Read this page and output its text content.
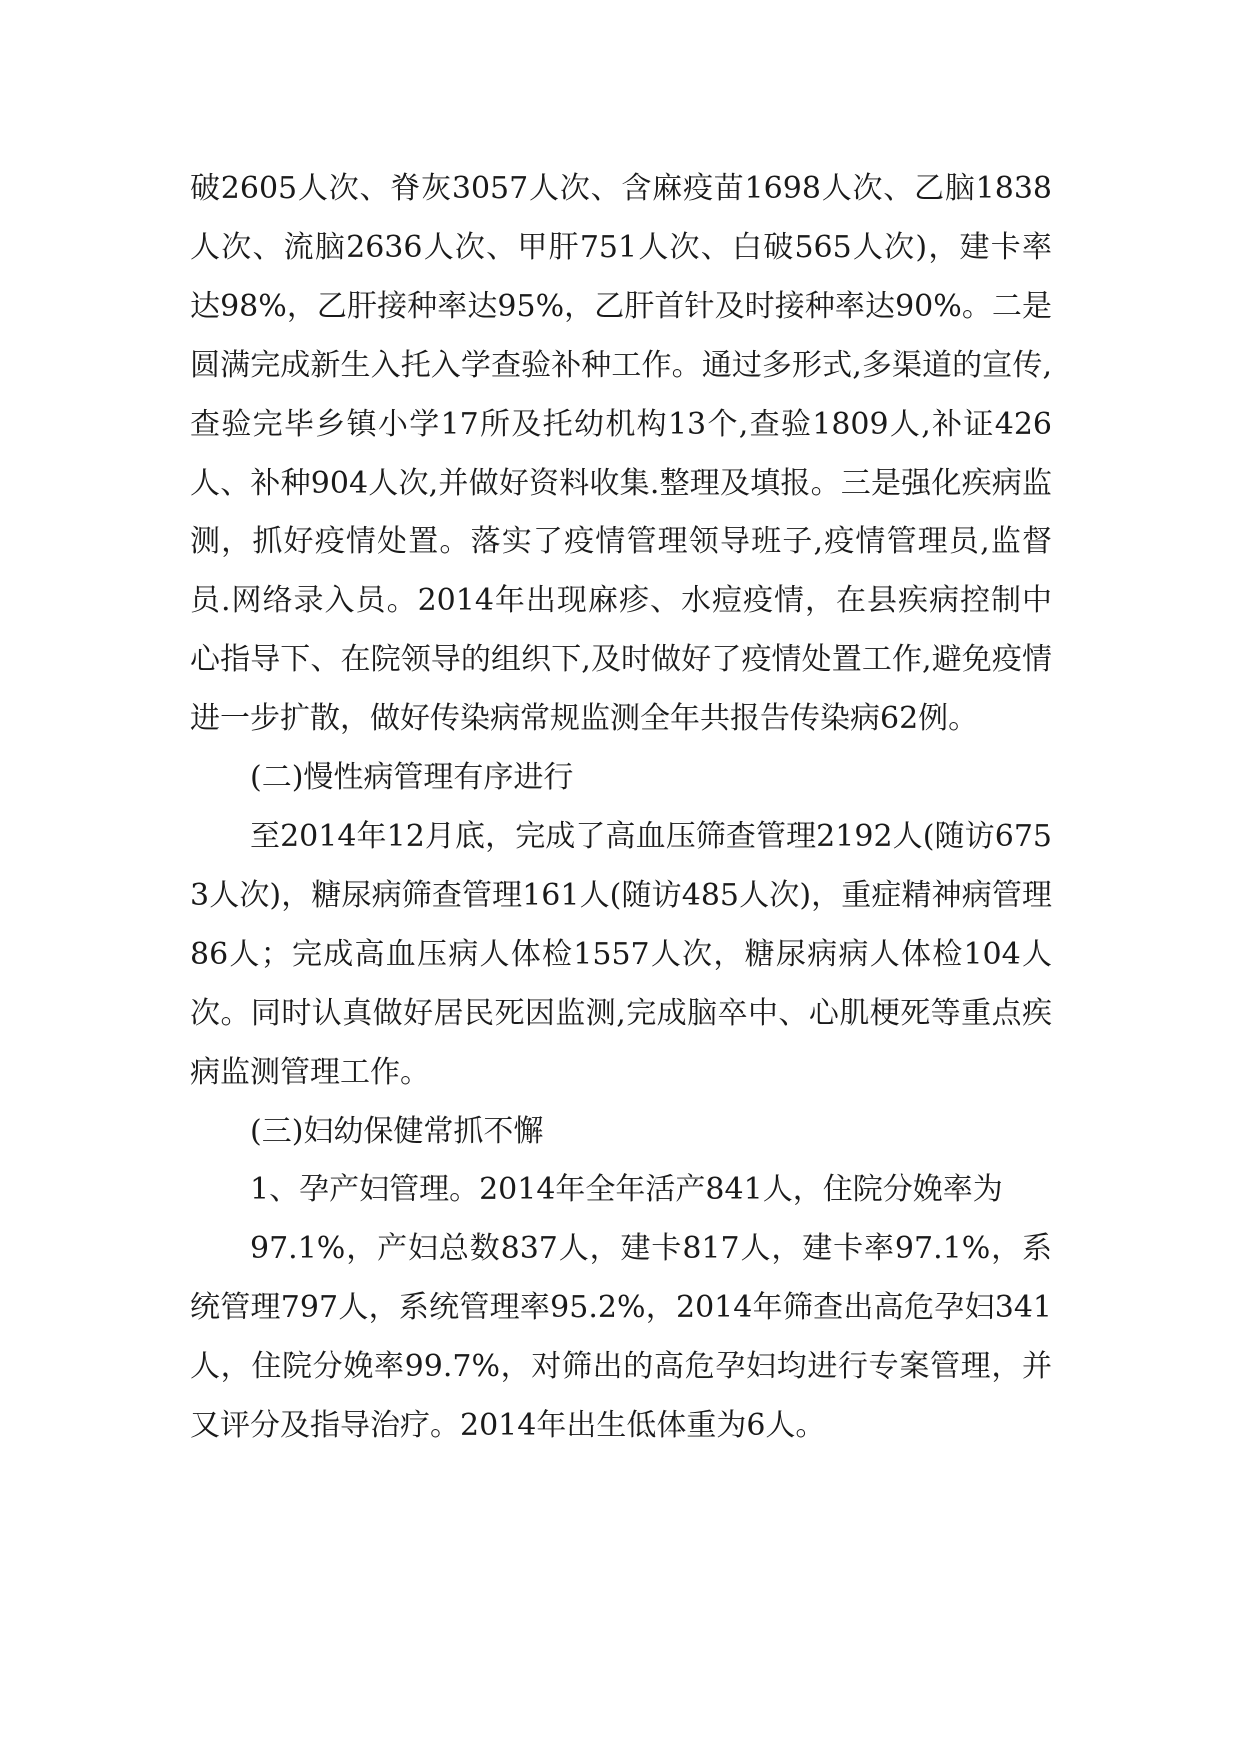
破2605人次、脊灰3057人次、含麻疫苗1698人次、乙脑1838人次、流脑2636人次、甲肝751人次、白破565人次)，建卡率达98%，乙肝接种率达95%，乙肝首针及时接种率达90%。二是圆满完成新生入托入学查验补种工作。通过多形式,多渠道的宣传,查验完毕乡镇小学17所及托幼机构13个,查验1809人,补证426人、补种904人次,并做好资料收集.整理及填报。三是强化疾病监测，抓好疫情处置。落实了疫情管理领导班子,疫情管理员,监督员.网络录入员。2014年出现麻疹、水痘疫情，在县疾病控制中心指导下、在院领导的组织下,及时做好了疫情处置工作,避免疫情进一步扩散，做好传染病常规监测全年共报告传染病62例。

(二)慢性病管理有序进行

至2014年12月底，完成了高血压筛查管理2192人(随访6753人次)，糖尿病筛查管理161人(随访485人次)，重症精神病管理86人；完成高血压病人体检1557人次，糖尿病病人体检104人次。同时认真做好居民死因监测,完成脑卒中、心肌梗死等重点疾病监测管理工作。

(三)妇幼保健常抓不懈

1、孕产妇管理。2014年全年活产841人，住院分娩率为

97.1%，产妇总数837人，建卡817人，建卡率97.1%，系统管理797人，系统管理率95.2%，2014年筛查出高危孕妇341人，住院分娩率99.7%，对筛出的高危孕妇均进行专案管理，并又评分及指导治疗。2014年出生低体重为6人。
